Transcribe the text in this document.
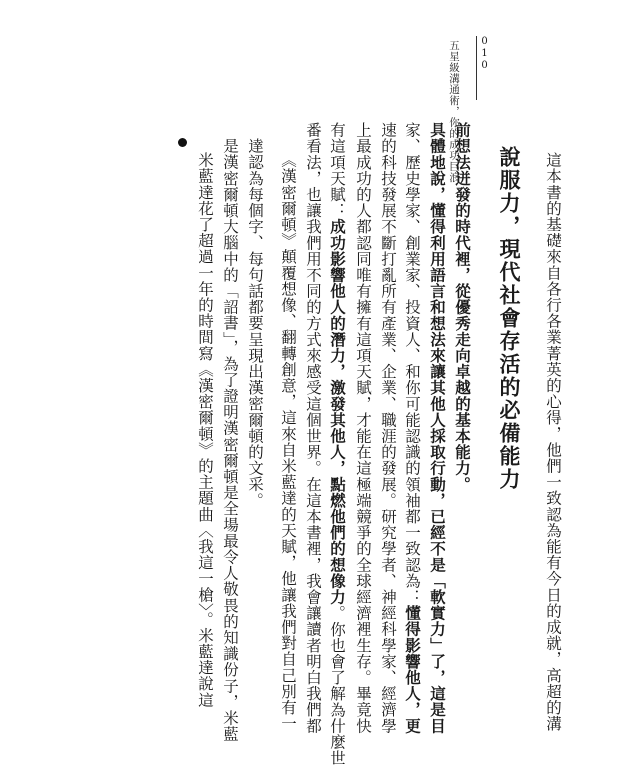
010
五星級溝通術，你的成功巨浪

米藍達花了超過一年的時間寫《漢密爾頓》的主題曲〈我這一槍〉。米藍達說這 是漢密爾頓大腦中的「詔書」，為了證明漢密爾頓是全場最令人敬畏的知識份子，米藍 達認為每個字、每句話都要呈現出漢密爾頓的文采。 《漢密爾頓》顛覆想像、翻轉創意，這來自米藍達的天賦，他讓我們對自己別有一 番看法，也讓我們用不同的方式來感受這個世界。在這本書裡，我會讓讀者明白我們都 有這項天賦：成功影響他人的潛力，激發其他人，點燃他們的想像力。你也會了解為什麼世 上最成功的人都認同唯有擁有這項天賦，才能在這極端競爭的全球經濟裡生存。畢竟快 速的科技發展不斷打亂所有產業、企業、職涯的發展。研究學者、神經科學家、經濟學 家、歷史學家、創業家、投資人、和你可能認識的領袖都一致認為：懂得影響他人，更 具體地說，懂得利用語言和想法來讓其他人採取行動，已經不是「軟實力」了，這是目 前想法迸發的時代裡，從優秀走向卓越的基本能力。 說服力，現代社會存活的必備能力 這本書的基礎來自各行各業菁英的心得，他們一致認為能有今日的成就，高超的溝
